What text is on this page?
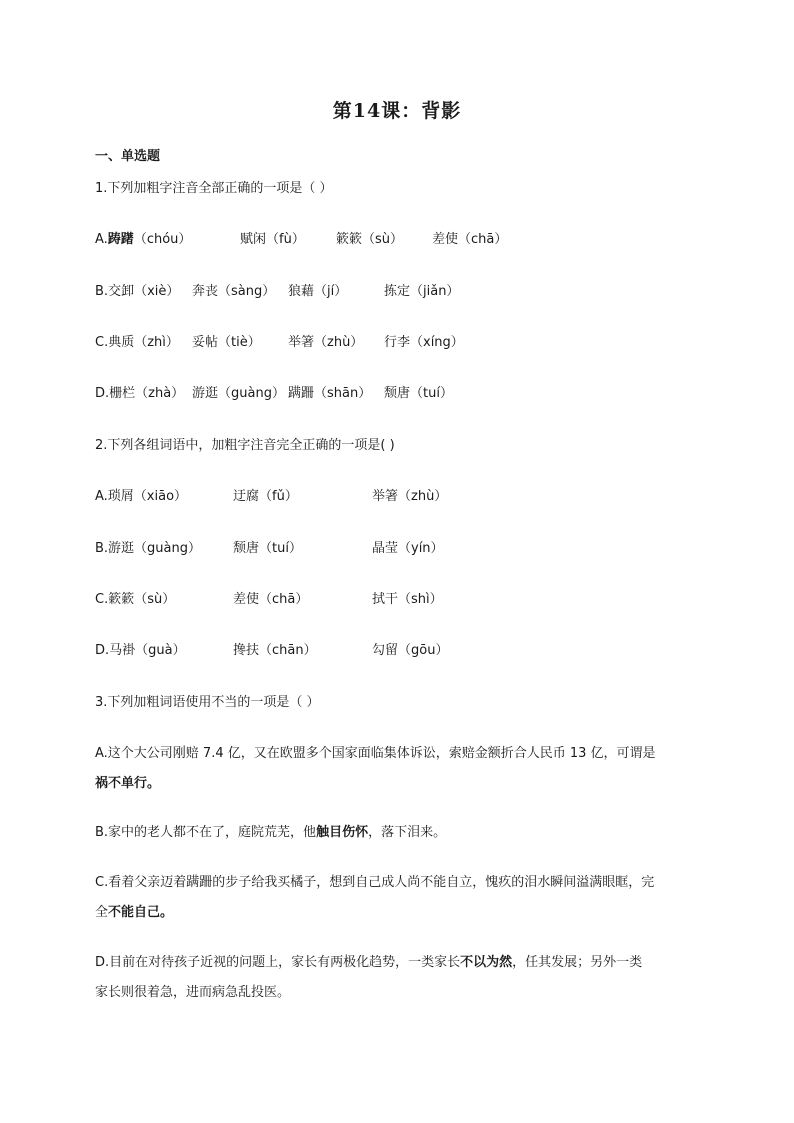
第14课：背影
一、单选题
1.下列加粗字注音全部正确的一项是（ ）
A.踌躇（chóu）	赋闲（fù） 簌簌（sù） 差使（chā）
B.交卸（xiè） 奔丧（sàng） 狼藉（jí）	拣定（jiǎn）
C.典质（zhì） 妥帖（tiè） 举箸（zhù） 行李（xíng）
D.栅栏（zhà） 游逛（guàng） 蹒跚（shān） 颓唐（tuí）
2.下列各组词语中，加粗字注音完全正确的一项是( )
A.琐屑（xiāo）	迂腐（fǔ）	举箸（zhù）
B.游逛（guàng） 颓唐（tuí）	晶莹（yín）
C.簌簌（sù）	差使（chā）	拭干（shì）
D.马褂（guà）	搀扶（chān）	勾留（gōu）
3.下列加粗词语使用不当的一项是（ ）
A.这个大公司刚赔 7.4 亿，又在欧盟多个国家面临集体诉讼，索赔金额折合人民币 13 亿，可谓是
祸不单行。
B.家中的老人都不在了，庭院荒芜，他触目伤怀，落下泪来。
C.看着父亲迈着蹒跚的步子给我买橘子，想到自己成人尚不能自立，愧疚的泪水瞬间溢满眼眶，完
全不能自己。
D.目前在对待孩子近视的问题上，家长有两极化趋势，一类家长不以为然，任其发展；另外一类
家长则很着急，进而病急乱投医。
